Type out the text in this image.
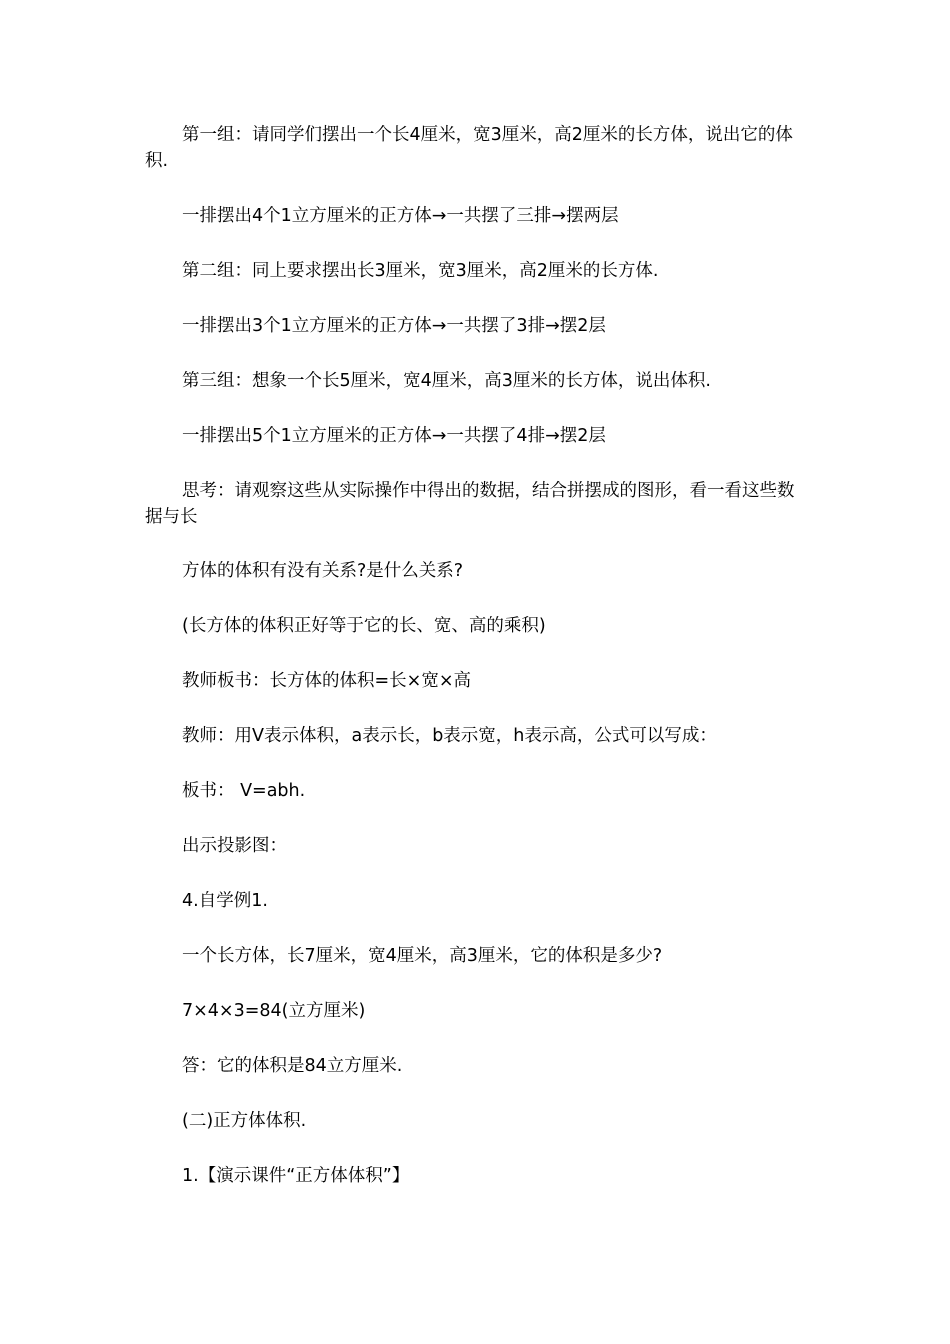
第一组：请同学们摆出一个长4厘米，宽3厘米，高2厘米的长方体，说出它的体积.

一排摆出4个1立方厘米的正方体→一共摆了三排→摆两层

第二组：同上要求摆出长3厘米，宽3厘米，高2厘米的长方体.

一排摆出3个1立方厘米的正方体→一共摆了3排→摆2层

第三组：想象一个长5厘米，宽4厘米，高3厘米的长方体，说出体积.

一排摆出5个1立方厘米的正方体→一共摆了4排→摆2层

思考：请观察这些从实际操作中得出的数据，结合拼摆成的图形，看一看这些数据与长

方体的体积有没有关系?是什么关系?

(长方体的体积正好等于它的长、宽、高的乘积)

教师板书：长方体的体积=长×宽×高

教师：用V表示体积，a表示长，b表示宽，h表示高，公式可以写成：

板书： V=abh.

出示投影图：

4.自学例1.

一个长方体，长7厘米，宽4厘米，高3厘米，它的体积是多少?

7×4×3=84(立方厘米)

答：它的体积是84立方厘米.

(二)正方体体积.

1.【演示课件“正方体体积”】
